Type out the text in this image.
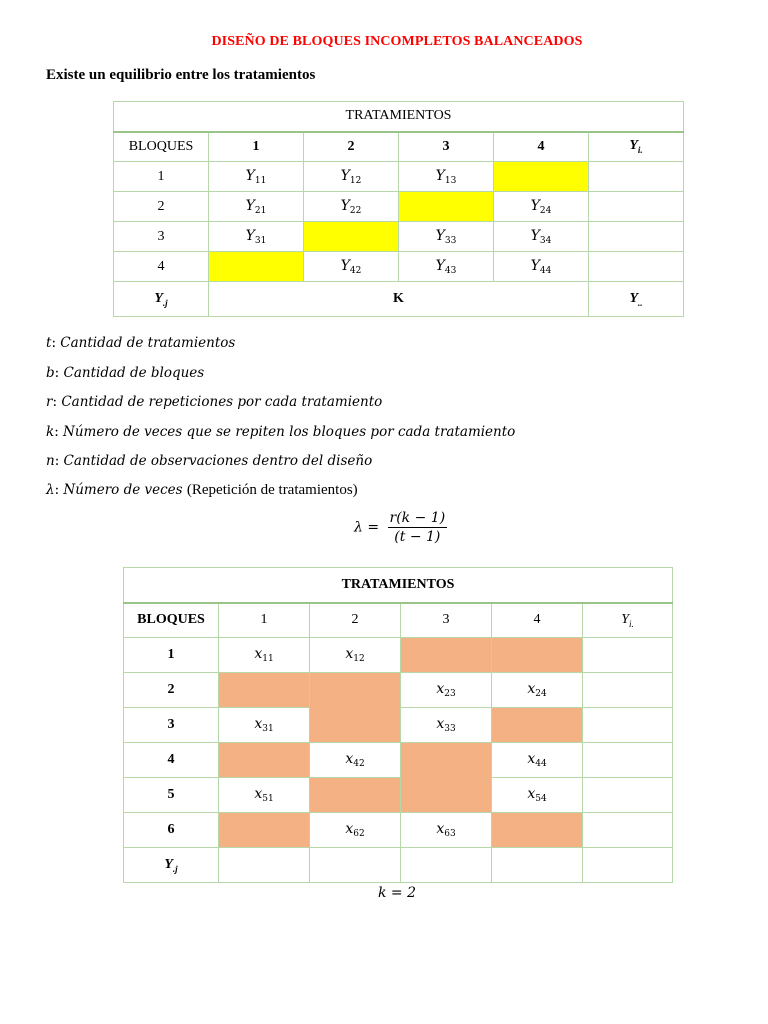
DISEÑO DE BLOQUES INCOMPLETOS BALANCEADOS
Existe un equilibrio entre los tratamientos
TRATAMIENTOS					
BLOQUES	1	2	3	4	$Y_{i.}$
1	$Y_{11}$	$Y_{12}$	$Y_{13}$		
2	$Y_{21}$	$Y_{22}$		$Y_{24}$	
3	$Y_{31}$		$Y_{33}$	$Y_{34}$	
4		$Y_{42}$	$Y_{43}$	$Y_{44}$	
$Y_{.j}$	K				$Y_{..}$
t: Cantidad de tratamientos
b: Cantidad de bloques
r: Cantidad de repeticiones por cada tratamiento
k: Número de veces que se repiten los bloques por cada tratamiento
n: Cantidad de observaciones dentro del diseño
λ: Número de veces (Repetición de tratamientos)
$\lambda = \frac{r(k - 1)}{(t - 1)}$
TRATAMIENTOS					
BLOQUES	1	2	3	4	$Y_{i.}$
1	$x_{11}$	$x_{12}$			
2			$x_{23}$	$x_{24}$	
3	$x_{31}$		$x_{33}$		
4		$x_{42}$		$x_{44}$	
5	$x_{51}$			$x_{54}$	
6		$x_{62}$	$x_{63}$		
$Y_{.j}$					
k = 2
